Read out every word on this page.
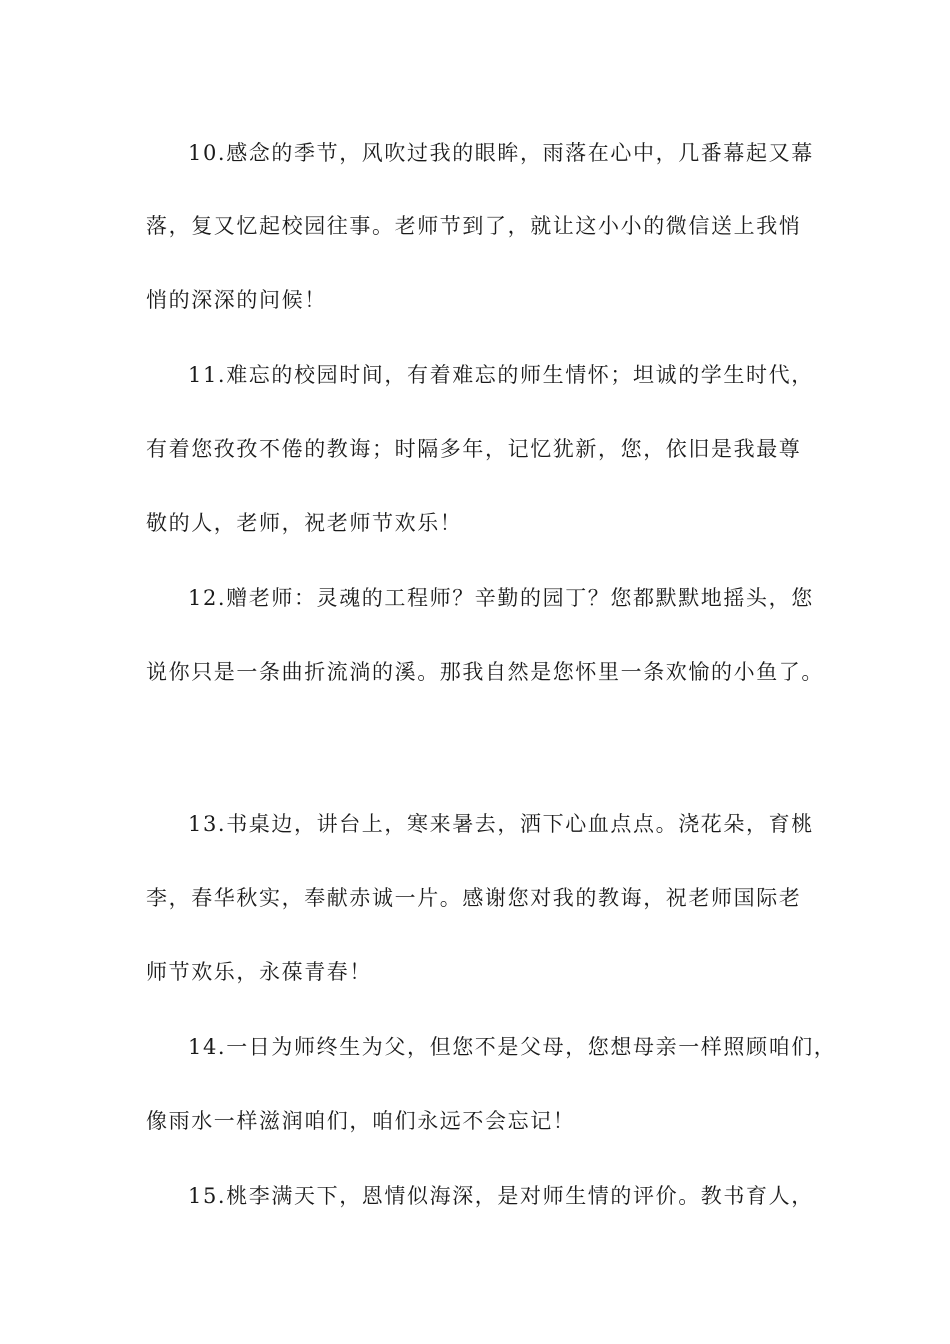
10.感念的季节，风吹过我的眼眸，雨落在心中，几番幕起又幕
落，复又忆起校园往事。老师节到了，就让这小小的微信送上我悄
悄的深深的问候！
11.难忘的校园时间，有着难忘的师生情怀；坦诚的学生时代，
有着您孜孜不倦的教诲；时隔多年，记忆犹新，您，依旧是我最尊
敬的人，老师，祝老师节欢乐！
12.赠老师：灵魂的工程师？辛勤的园丁？您都默默地摇头，您
说你只是一条曲折流淌的溪。那我自然是您怀里一条欢愉的小鱼了。
13.书桌边，讲台上，寒来暑去，洒下心血点点。浇花朵，育桃
李，春华秋实，奉献赤诚一片。感谢您对我的教诲，祝老师国际老
师节欢乐，永葆青春！
14.一日为师终生为父，但您不是父母，您想母亲一样照顾咱们，
像雨水一样滋润咱们，咱们永远不会忘记！
15.桃李满天下，恩情似海深，是对师生情的评价。教书育人，
